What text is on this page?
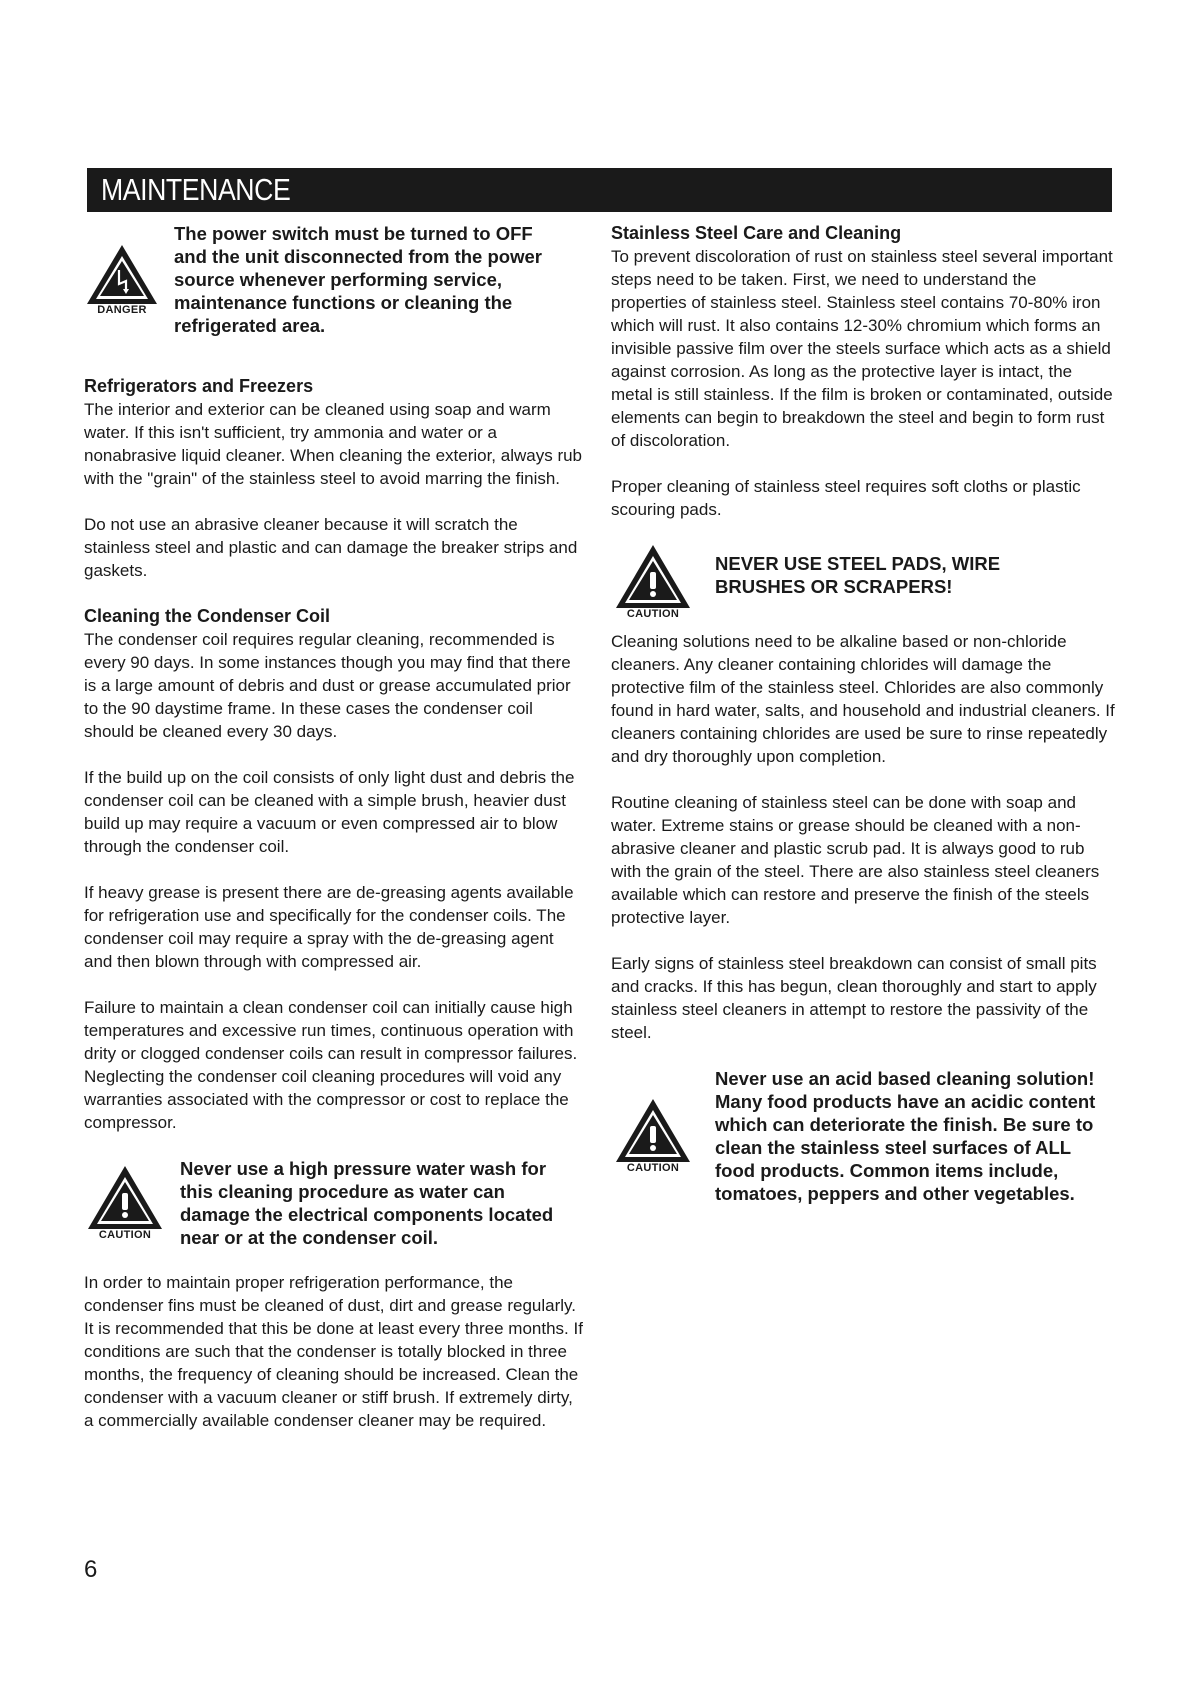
MAINTENANCE
DANGER
The power switch must be turned to OFF and the unit disconnected from the power source whenever performing service, maintenance functions or cleaning the refrigerated area.
Refrigerators and Freezers

The interior and exterior can be cleaned using soap and warm water. If this isn't sufficient, try ammonia and water or a nonabrasive liquid cleaner. When cleaning the exterior, always rub with the "grain" of the stainless steel to avoid marring the finish.

Do not use an abrasive cleaner because it will scratch the stainless steel and plastic and can damage the breaker strips and gaskets.

Cleaning the Condenser Coil

The condenser coil requires regular cleaning, recommended is every 90 days. In some instances though you may find that there is a large amount of debris and dust or grease accumulated prior to the 90 daystime frame. In these cases the condenser coil should be cleaned every 30 days.

If the build up on the coil consists of only light dust and debris the condenser coil can be cleaned with a simple brush, heavier dust build up may require a vacuum or even compressed air to blow through the condenser coil.

If heavy grease is present there are de-greasing agents available for refrigeration use and specifically for the condenser coils. The condenser coil may require a spray with the de-greasing agent and then blown through with compressed air.

Failure to maintain a clean condenser coil can initially cause high temperatures and excessive run times, continuous operation with drity or clogged condenser coils can result in compressor failures. Neglecting the condenser coil cleaning procedures will void any warranties associated with the compressor or cost to replace the compressor.

CAUTION
Never use a high pressure water wash for this cleaning procedure as water can damage the electrical components located near or at the condenser coil.

In order to maintain proper refrigeration performance, the condenser fins must be cleaned of dust, dirt and grease regularly. It is recommended that this be done at least every three months. If conditions are such that the condenser is totally blocked in three months, the frequency of cleaning should be increased. Clean the condenser with a vacuum cleaner or stiff brush. If extremely dirty, a commercially available condenser cleaner may be required.

Stainless Steel Care and Cleaning

To prevent discoloration of rust on stainless steel several important steps need to be taken. First, we need to understand the properties of stainless steel. Stainless steel contains 70-80% iron which will rust. It also contains 12-30% chromium which forms an invisible passive film over the steels surface which acts as a shield against corrosion. As long as the protective layer is intact, the metal is still stainless. If the film is broken or contaminated, outside elements can begin to breakdown the steel and begin to form rust of discoloration.

Proper cleaning of stainless steel requires soft cloths or plastic scouring pads.

CAUTION
NEVER USE STEEL PADS, WIRE BRUSHES OR SCRAPERS!

Cleaning solutions need to be alkaline based or non-chloride cleaners. Any cleaner containing chlorides will damage the protective film of the stainless steel. Chlorides are also commonly found in hard water, salts, and household and industrial cleaners. If cleaners containing chlorides are used be sure to rinse repeatedly and dry thoroughly upon completion.

Routine cleaning of stainless steel can be done with soap and water. Extreme stains or grease should be cleaned with a non-abrasive cleaner and plastic scrub pad. It is always good to rub with the grain of the steel. There are also stainless steel cleaners available which can restore and preserve the finish of the steels protective layer.

Early signs of stainless steel breakdown can consist of small pits and cracks. If this has begun, clean thoroughly and start to apply stainless steel cleaners in attempt to restore the passivity of the steel.

CAUTION
Never use an acid based cleaning solution! Many food products have an acidic content which can deteriorate the finish. Be sure to clean the stainless steel surfaces of ALL food products. Common items include, tomatoes, peppers and other vegetables.
6
